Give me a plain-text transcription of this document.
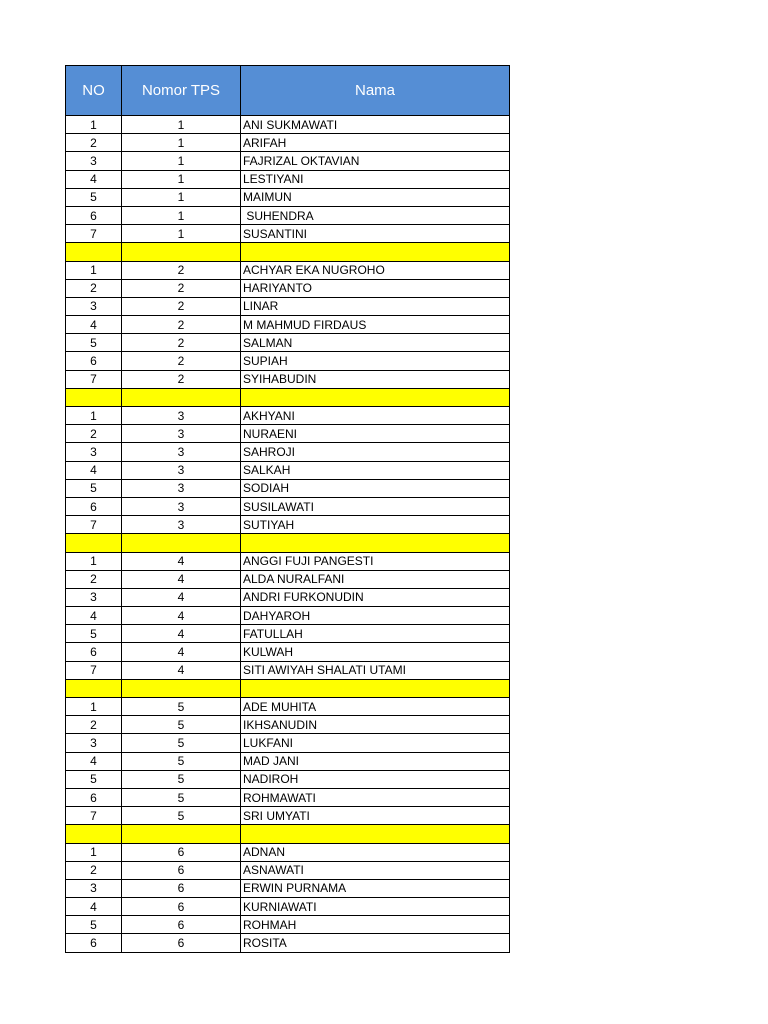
NO	Nomor TPS	Nama
1	1	ANI SUKMAWATI
2	1	ARIFAH
3	1	FAJRIZAL OKTAVIAN
4	1	LESTIYANI
5	1	MAIMUN
6	1	SUHENDRA
7	1	SUSANTINI

1	2	ACHYAR EKA NUGROHO
2	2	HARIYANTO
3	2	LINAR
4	2	M MAHMUD FIRDAUS
5	2	SALMAN
6	2	SUPIAH
7	2	SYIHABUDIN

1	3	AKHYANI
2	3	NURAENI
3	3	SAHROJI
4	3	SALKAH
5	3	SODIAH
6	3	SUSILAWATI
7	3	SUTIYAH

1	4	ANGGI FUJI PANGESTI
2	4	ALDA NURALFANI
3	4	ANDRI FURKONUDIN
4	4	DAHYAROH
5	4	FATULLAH
6	4	KULWAH
7	4	SITI AWIYAH SHALATI UTAMI

1	5	ADE MUHITA
2	5	IKHSANUDIN
3	5	LUKFANI
4	5	MAD JANI
5	5	NADIROH
6	5	ROHMAWATI
7	5	SRI UMYATI

1	6	ADNAN
2	6	ASNAWATI
3	6	ERWIN PURNAMA
4	6	KURNIAWATI
5	6	ROHMAH
6	6	ROSITA
